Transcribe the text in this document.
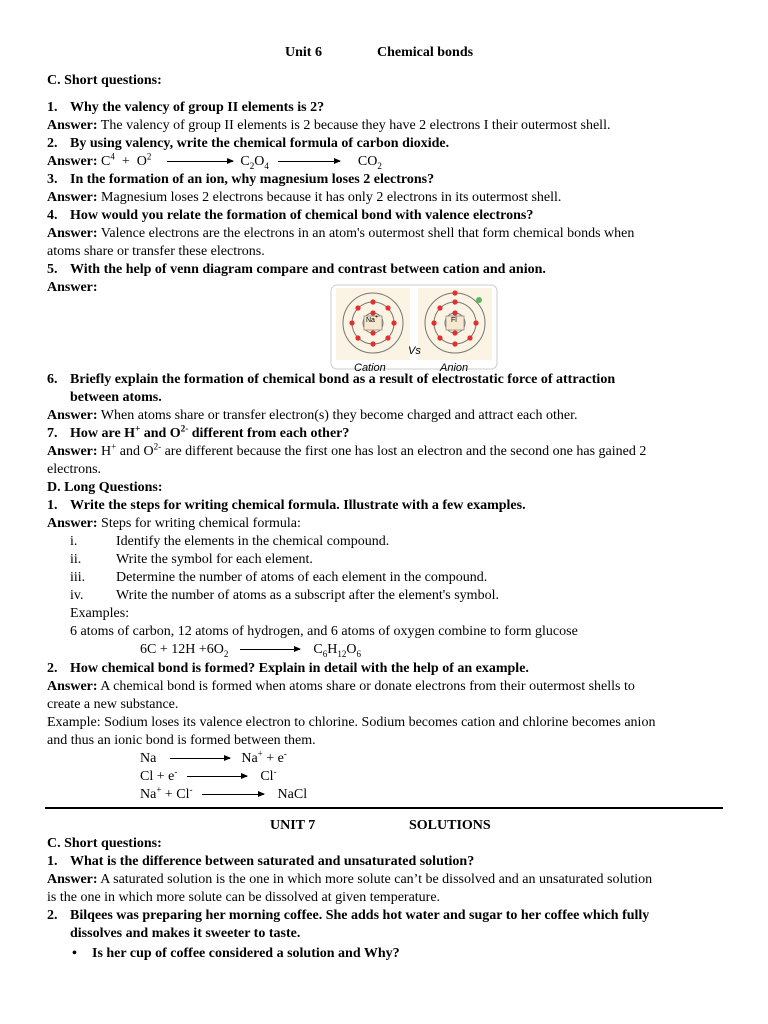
Unit 6	Chemical bonds
C. Short questions:
1. Why the valency of group II elements is 2?
Answer: The valency of group II elements is 2 because they have 2 electrons I their outermost shell.
2. By using valency, write the chemical formula of carbon dioxide.
Answer: $C^4 + O^2$	$C_2O_4$	$CO_2$
3. In the formation of an ion, why magnesium loses 2 electrons?
Answer: Magnesium loses 2 electrons because it has only 2 electrons in its outermost shell.
4. How would you relate the formation of chemical bond with valence electrons?
Answer: Valence electrons are the electrons in an atom's outermost shell that form chemical bonds when
atoms share or transfer these electrons.
5. With the help of venn diagram compare and contrast between cation and anion.
Answer:
Na+	Fl
Vs
Cation	Anion
6. Briefly explain the formation of chemical bond as a result of electrostatic force of attraction
between atoms.
Answer: When atoms share or transfer electron(s) they become charged and attract each other.
7. How are H+ and $O^{2-}$ different from each other?
Answer: H+ and $O^{2-}$ are different because the first one has lost an electron and the second one has gained 2
electrons.
D. Long Questions:
1. Write the steps for writing chemical formula. Illustrate with a few examples.
Answer: Steps for writing chemical formula:
i.	Identify the elements in the chemical compound.
ii.	Write the symbol for each element.
iii.	Determine the number of atoms of each element in the compound.
iv.	Write the number of atoms as a subscript after the element's symbol.
Examples:
6 atoms of carbon, 12 atoms of hydrogen, and 6 atoms of oxygen combine to form glucose
$6C + 12H +6O_2$	$C_6H_{12}O_6$
2. How chemical bond is formed? Explain in detail with the help of an example.
Answer: A chemical bond is formed when atoms share or donate electrons from their outermost shells to
create a new substance.
Example: Sodium loses its valence electron to chlorine. Sodium becomes cation and chlorine becomes anion
and thus an ionic bond is formed between them.
Na	Na+ + e-
Cl + e-	Cl-
Na+ + Cl-	NaCl
UNIT 7	SOLUTIONS
C. Short questions:
1. What is the difference between saturated and unsaturated solution?
Answer: A saturated solution is the one in which more solute can’t be dissolved and an unsaturated solution
is the one in which more solute can be dissolved at given temperature.
2. Bilqees was preparing her morning coffee. She adds hot water and sugar to her coffee which fully
dissolves and makes it sweeter to taste.
• Is her cup of coffee considered a solution and Why?
